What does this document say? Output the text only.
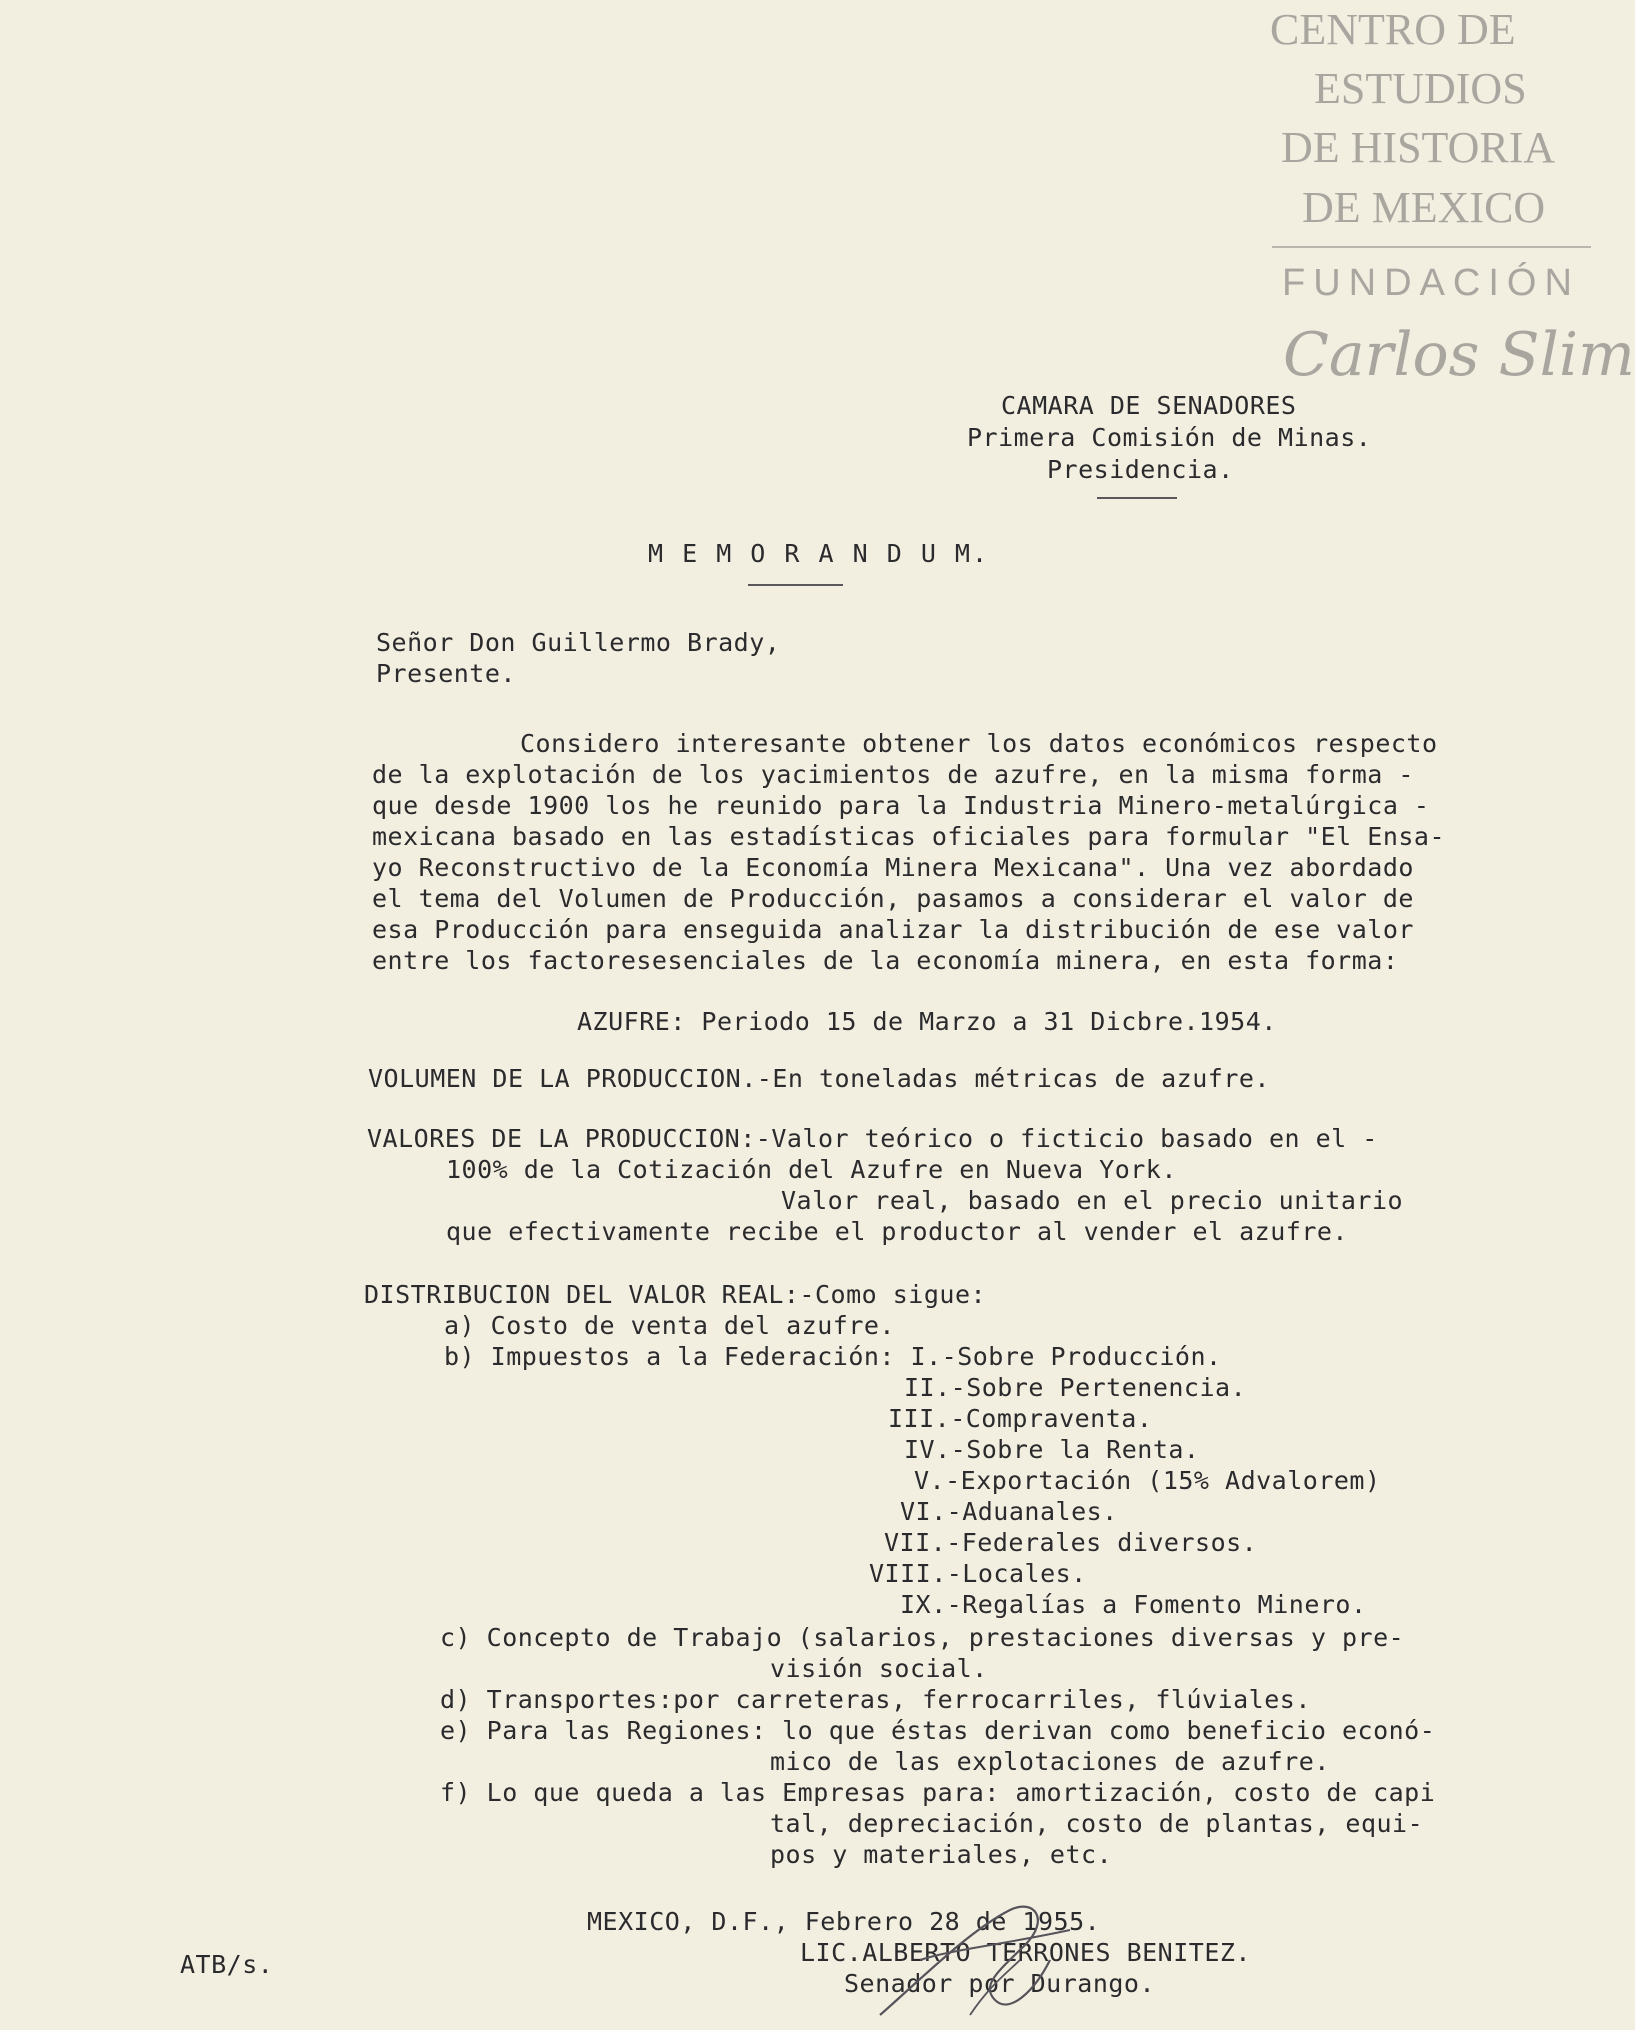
CENTRO DE
ESTUDIOS
DE HISTORIA
DE MEXICO
FUNDACIÓN
Carlos Slim
CAMARA DE SENADORES
Primera Comisión de Minas.
Presidencia.
M E M O R A N D U M.
Señor Don Guillermo Brady,
Presente.
Considero interesante obtener los datos económicos respecto
de la explotación de los yacimientos de azufre, en la misma forma -
que desde 1900 los he reunido para la Industria Minero-metalúrgica -
mexicana basado en las estadísticas oficiales para formular "El Ensa-
yo Reconstructivo de la Economía Minera Mexicana". Una vez abordado
el tema del Volumen de Producción, pasamos a considerar el valor de
esa Producción para enseguida analizar la distribución de ese valor
entre los factoresesenciales de la economía minera, en esta forma:
AZUFRE: Periodo 15 de Marzo a 31 Dicbre.1954.
VOLUMEN DE LA PRODUCCION.-En toneladas métricas de azufre.
VALORES DE LA PRODUCCION:-Valor teórico o ficticio basado en el -
100% de la Cotización del Azufre en Nueva York.
Valor real, basado en el precio unitario
que efectivamente recibe el productor al vender el azufre.
DISTRIBUCION DEL VALOR REAL:-Como sigue:
a) Costo de venta del azufre.
b) Impuestos a la Federación: I.-Sobre Producción.
II.-Sobre Pertenencia.
III.-Compraventa.
IV.-Sobre la Renta.
V.-Exportación (15% Advalorem)
VI.-Aduanales.
VII.-Federales diversos.
VIII.-Locales.
IX.-Regalías a Fomento Minero.
c) Concepto de Trabajo (salarios, prestaciones diversas y pre-
visión social.
d) Transportes:por carreteras, ferrocarriles, flúviales.
e) Para las Regiones: lo que éstas derivan como beneficio econó-
mico de las explotaciones de azufre.
f) Lo que queda a las Empresas para: amortización, costo de capi
tal, depreciación, costo de plantas, equi-
pos y materiales, etc.
MEXICO, D.F., Febrero 28 de 1955.
LIC.ALBERTO TERRONES BENITEZ.
Senador por Durango.
ATB/s.
